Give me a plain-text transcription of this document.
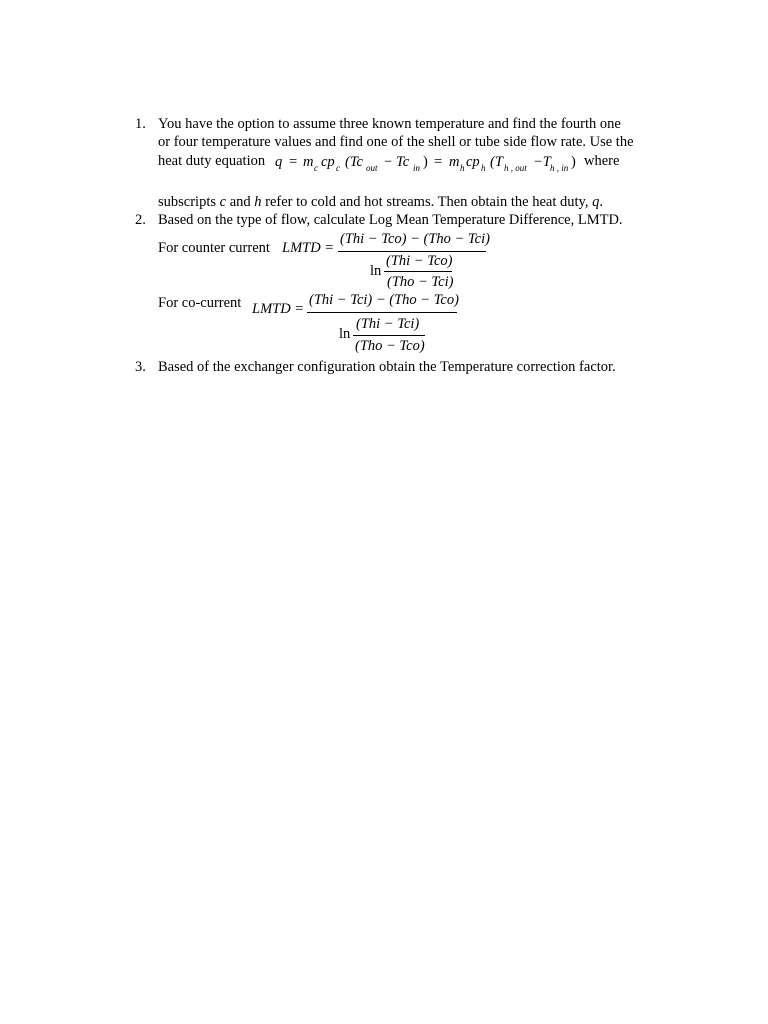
1. You have the option to assume three known temperature and find the fourth one
or four temperature values and find one of the shell or tube side flow rate. Use the
heat duty equation q = m c cp c (Tc out − Tc in ) = m h cp h (T h , out −T h , in ) where
subscripts c and h refer to cold and hot streams. Then obtain the heat duty, q.
2. Based on the type of flow, calculate Log Mean Temperature Difference, LMTD.
For counter current LMTD =
(Thi − Tco) − (Tho − Tci)
ln
(Thi − Tco)
(Tho − Tci)
For co-current LMTD =
(Thi − Tci) − (Tho − Tco)
ln
(Thi − Tci)
(Tho − Tco)
3. Based of the exchanger configuration obtain the Temperature correction factor.
